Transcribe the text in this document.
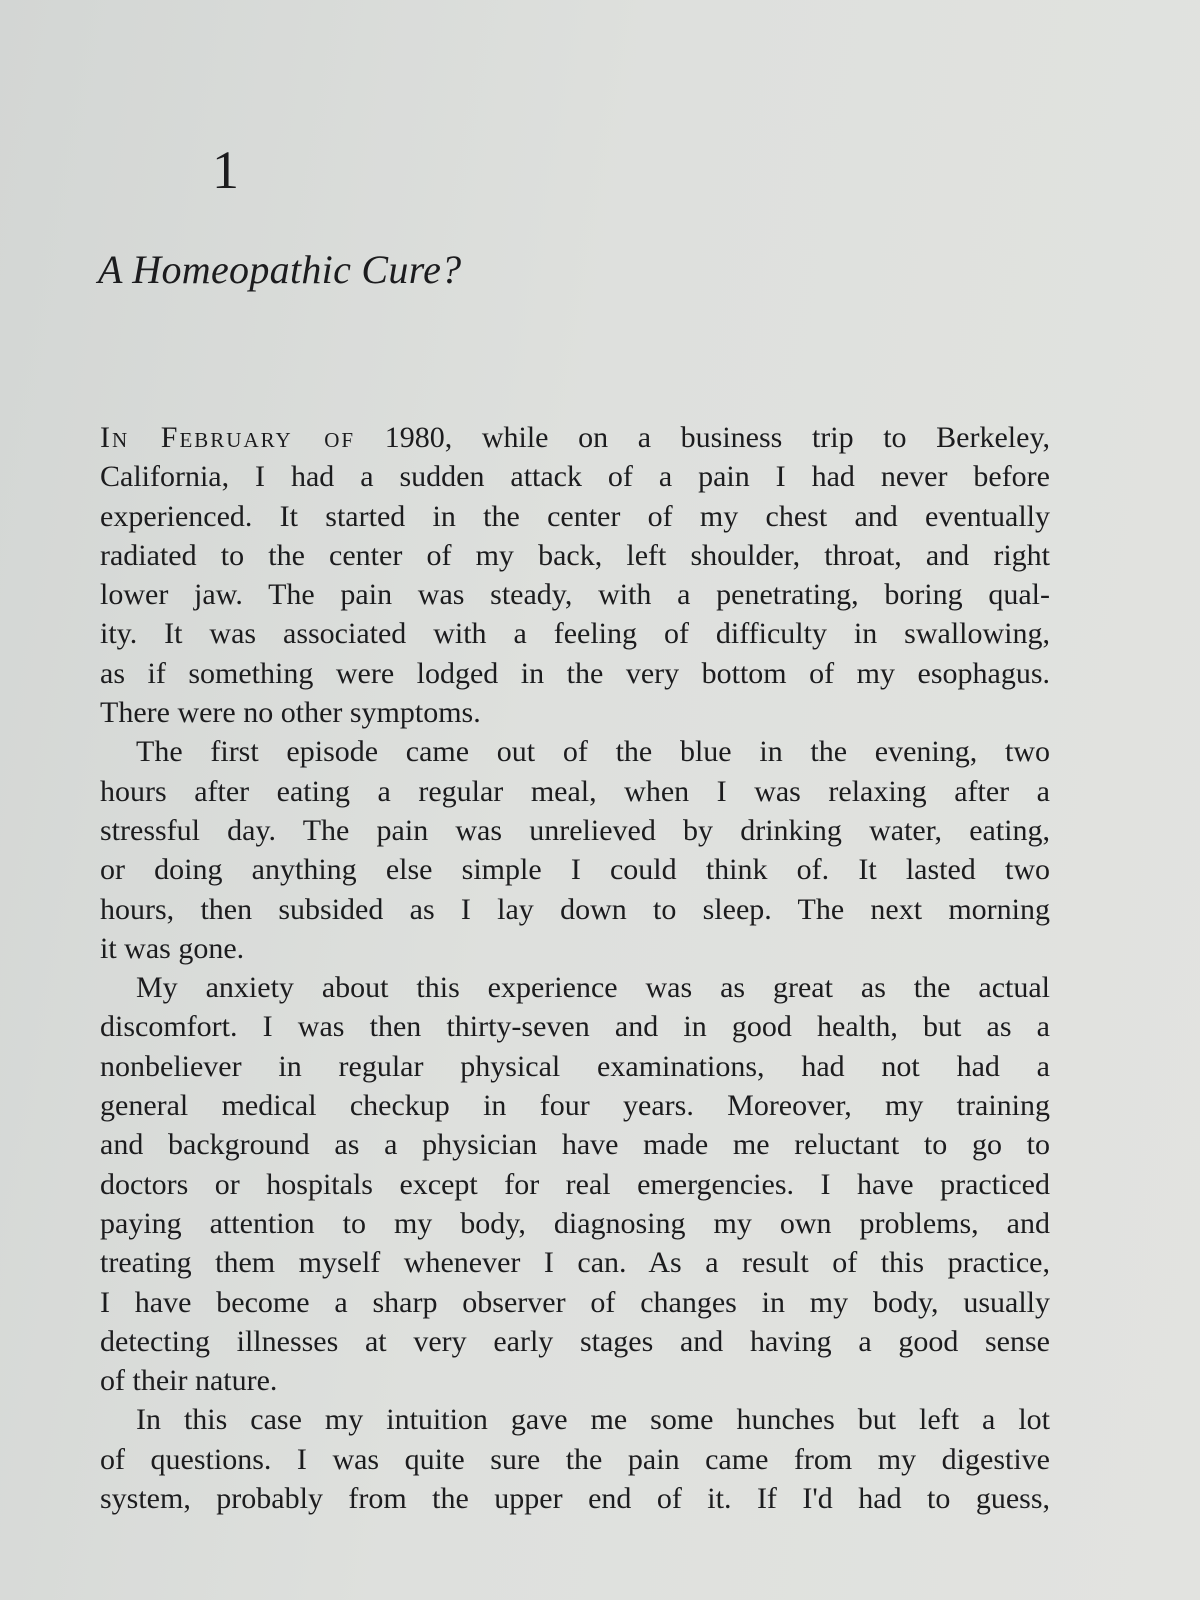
1
A Homeopathic Cure?
In February of 1980, while on a business trip to Berkeley,
California, I had a sudden attack of a pain I had never before
experienced. It started in the center of my chest and eventually
radiated to the center of my back, left shoulder, throat, and right
lower jaw. The pain was steady, with a penetrating, boring qual-
ity. It was associated with a feeling of difficulty in swallowing,
as if something were lodged in the very bottom of my esophagus.
There were no other symptoms.
The first episode came out of the blue in the evening, two
hours after eating a regular meal, when I was relaxing after a
stressful day. The pain was unrelieved by drinking water, eating,
or doing anything else simple I could think of. It lasted two
hours, then subsided as I lay down to sleep. The next morning
it was gone.
My anxiety about this experience was as great as the actual
discomfort. I was then thirty-seven and in good health, but as a
nonbeliever in regular physical examinations, had not had a
general medical checkup in four years. Moreover, my training
and background as a physician have made me reluctant to go to
doctors or hospitals except for real emergencies. I have practiced
paying attention to my body, diagnosing my own problems, and
treating them myself whenever I can. As a result of this practice,
I have become a sharp observer of changes in my body, usually
detecting illnesses at very early stages and having a good sense
of their nature.
In this case my intuition gave me some hunches but left a lot
of questions. I was quite sure the pain came from my digestive
system, probably from the upper end of it. If I'd had to guess,
